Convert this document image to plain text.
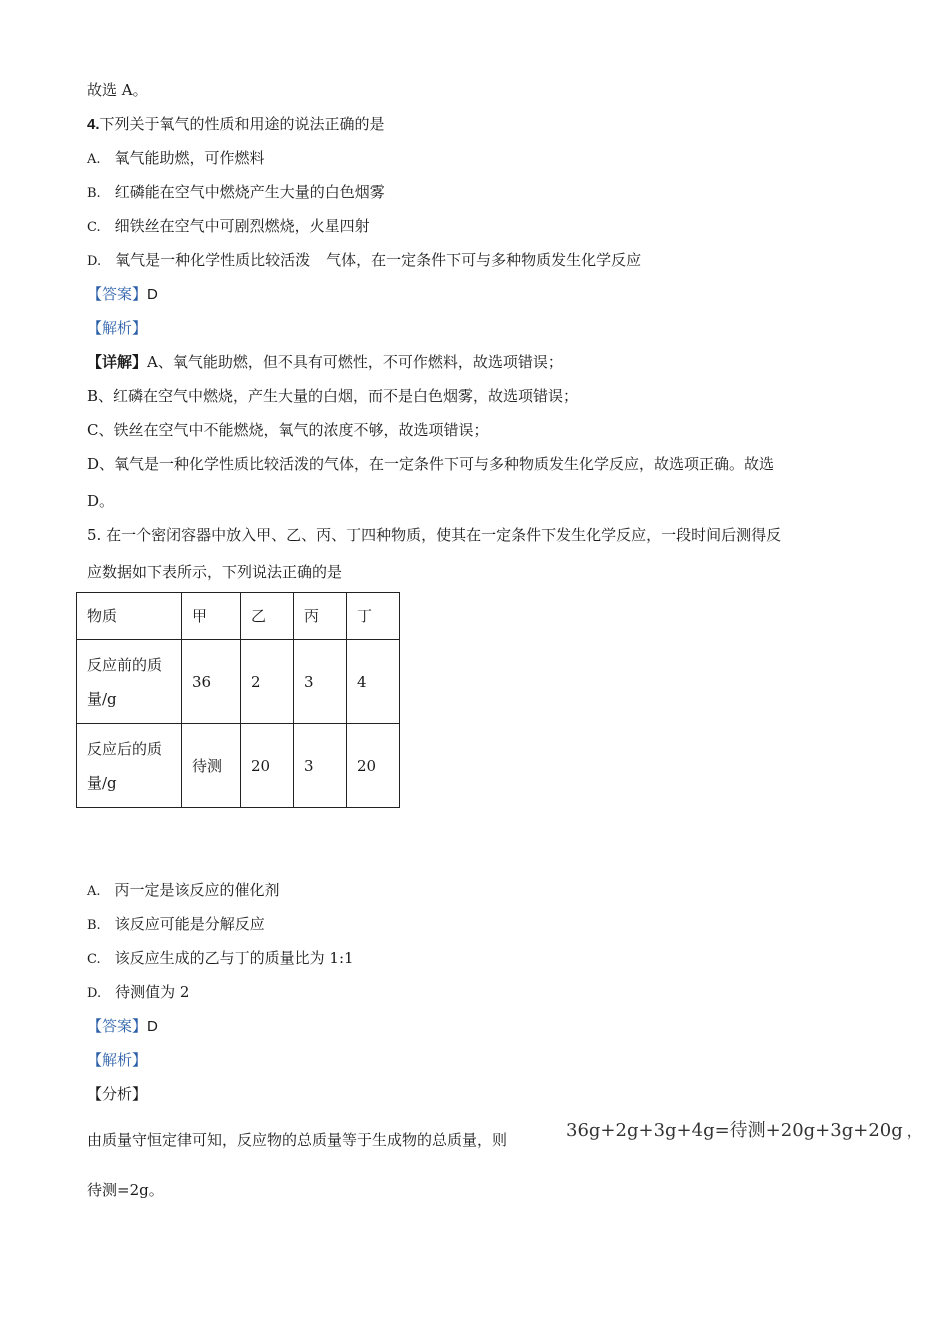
故选 A。
4.下列关于氧气的性质和用途的说法正确的是
A. 氧气能助燃，可作燃料
B. 红磷能在空气中燃烧产生大量的白色烟雾
C. 细铁丝在空气中可剧烈燃烧，火星四射
D. 氧气是一种化学性质比较活泼 气体，在一定条件下可与多种物质发生化学反应
【答案】D
【解析】
【详解】A、氧气能助燃，但不具有可燃性，不可作燃料，故选项错误；
B、红磷在空气中燃烧，产生大量的白烟，而不是白色烟雾，故选项错误；
C、铁丝在空气中不能燃烧，氧气的浓度不够，故选项错误；
D、氧气是一种化学性质比较活泼的气体，在一定条件下可与多种物质发生化学反应，故选项正确。故选
D。
5. 在一个密闭容器中放入甲、乙、丙、丁四种物质，使其在一定条件下发生化学反应，一段时间后测得反
应数据如下表所示，下列说法正确的是
物质	甲	乙	丙	丁
反应前的质量/g	36	2	3	4
反应后的质量/g	待测	20	3	20
A. 丙一定是该反应的催化剂
B. 该反应可能是分解反应
C. 该反应生成的乙与丁的质量比为 1:1
D. 待测值为 2
【答案】D
【解析】
【分析】
由质量守恒定律可知，反应物的总质量等于生成物的总质量，则	36g+2g+3g+4g=待测+20g+3g+20g ，
待测=2g。
